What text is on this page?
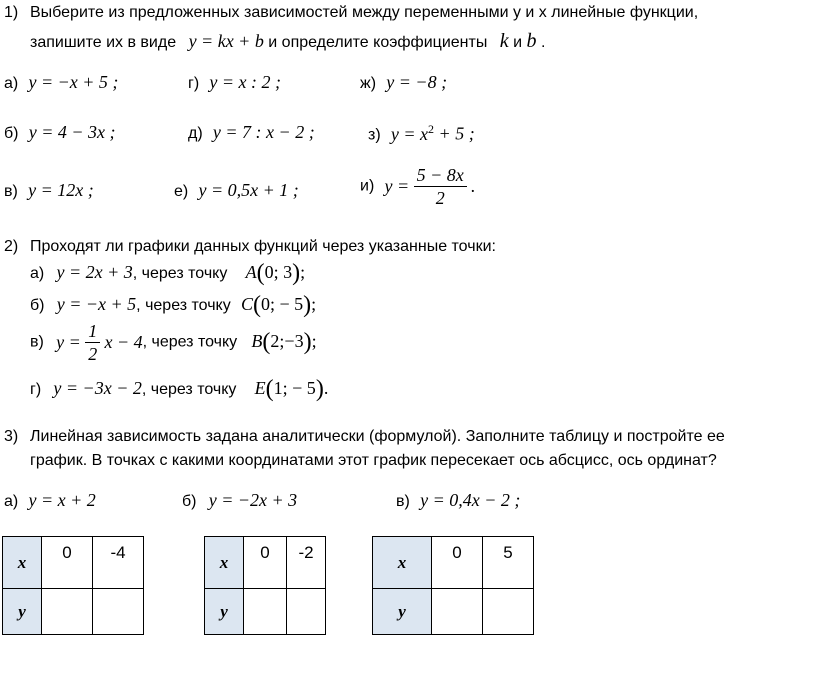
1) Выберите из предложенных зависимостей между переменными у и х линейные функции,
запишите их в виде y = kx + b и определите коэффициенты k и b .
а) y = −x + 5 ;	г) y = x : 2 ;	ж) y = −8 ;
б) y = 4 − 3x ;	д) y = 7 : x − 2 ;	з) $y = x^2 + 5$ ;
в) y = 12x ;	е) y = 0,5x + 1 ;	и) $y = \frac{5 - 8x}{2}$ .
2) Проходят ли графики данных функций через указанные точки:
а) y = 2x + 3, через точку A(0; 3);
б) y = −x + 5, через точку C(0; − 5);
в) $y = \frac{1}{2}$ x − 4, через точку B(2;−3);
г) y = −3x − 2, через точку E(1; − 5).
3) Линейная зависимость задана аналитически (формулой). Заполните таблицу и постройте ее
график. В точках с какими координатами этот график пересекает ось абсцисс, ось ординат?
а) y = x + 2	б) y = −2x + 3	в) y = 0,4x − 2 ;
x	0	-4
y		
x	0	-2
y		
x	0	5
y		
